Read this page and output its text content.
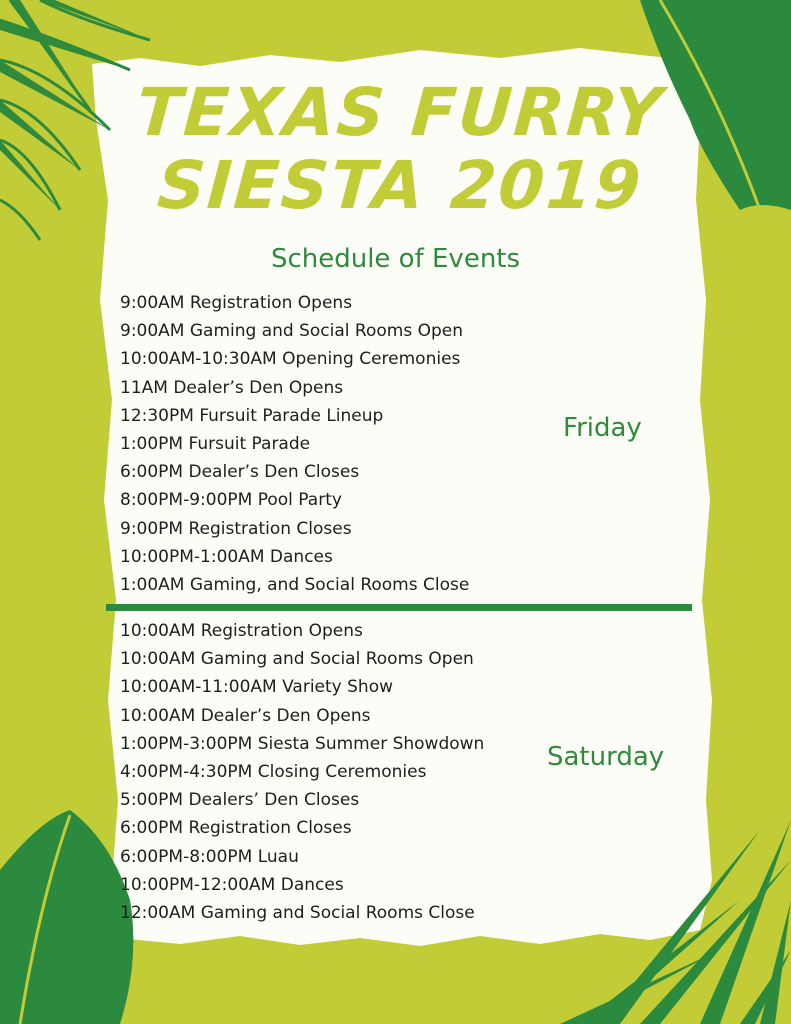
TEXAS FURRY
SIESTA 2019
Schedule of Events
9:00AM Registration Opens
9:00AM Gaming and Social Rooms Open
10:00AM-10:30AM Opening Ceremonies
11AM Dealer’s Den Opens
12:30PM Fursuit Parade Lineup
1:00PM Fursuit Parade
6:00PM Dealer’s Den Closes
8:00PM-9:00PM Pool Party
9:00PM Registration Closes
10:00PM-1:00AM Dances
1:00AM Gaming, and Social Rooms Close
Friday
10:00AM Registration Opens
10:00AM Gaming and Social Rooms Open
10:00AM-11:00AM Variety Show
10:00AM Dealer’s Den Opens
1:00PM-3:00PM Siesta Summer Showdown
4:00PM-4:30PM Closing Ceremonies
5:00PM Dealers’ Den Closes
6:00PM Registration Closes
6:00PM-8:00PM Luau
10:00PM-12:00AM Dances
12:00AM Gaming and Social Rooms Close
Saturday
